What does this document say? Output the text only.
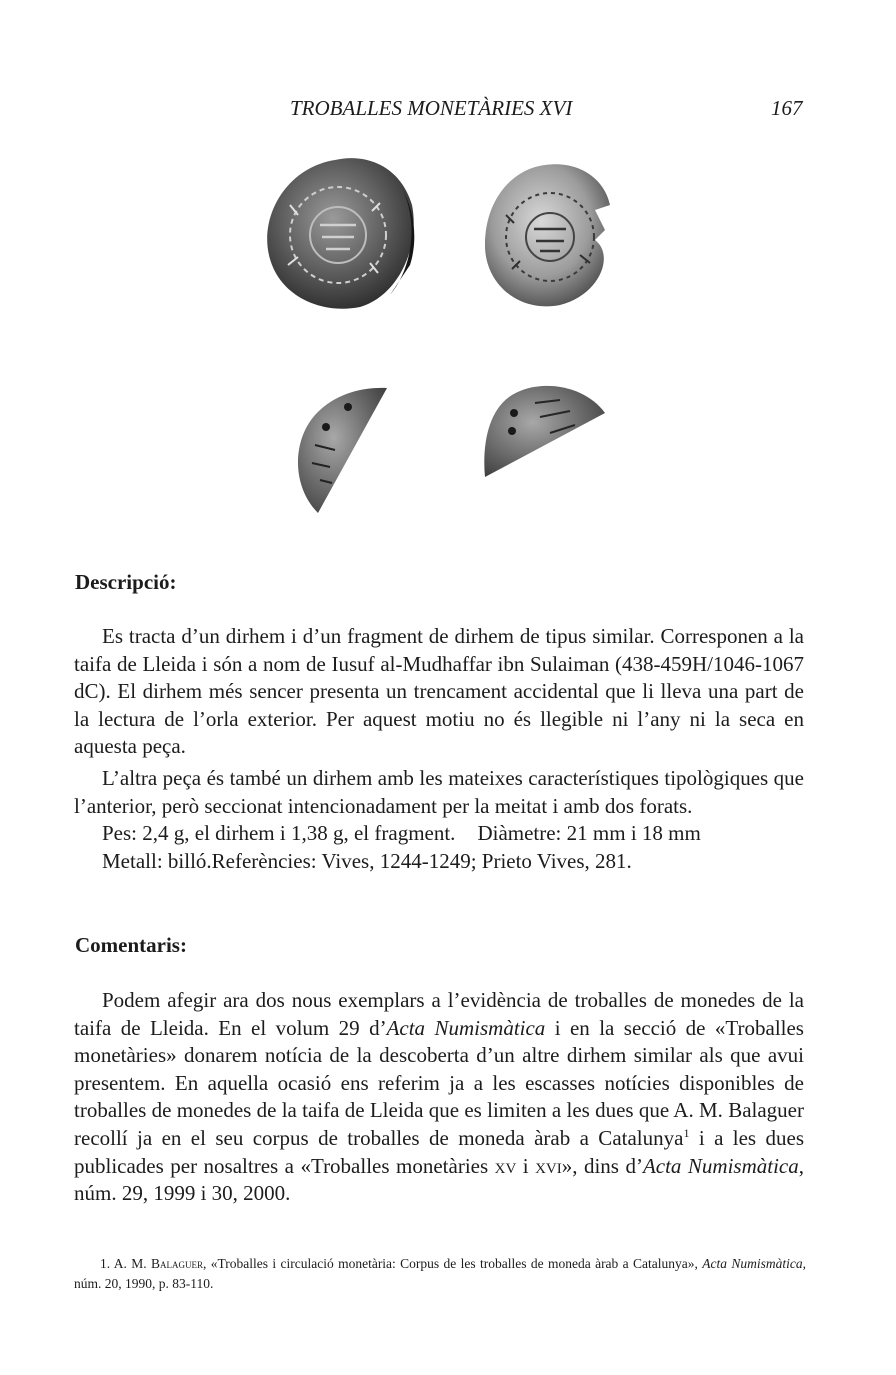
TROBALLES MONETÀRIES XVI	167
Descripció:

Es tracta d’un dirhem i d’un fragment de dirhem de tipus similar. Corresponen a la taifa de Lleida i són a nom de Iusuf al-Mudhaffar ibn Sulaiman (438-459H/1046-1067 dC). El dirhem més sencer presenta un trencament accidental que li lleva una part de la lectura de l’orla exterior. Per aquest motiu no és llegible ni l’any ni la seca en aquesta peça.

L’altra peça és també un dirhem amb les mateixes característiques tipològiques que l’anterior, però seccionat intencionadament per la meitat i amb dos forats.

Pes: 2,4 g, el dirhem i 1,38 g, el fragment. Diàmetre: 21 mm i 18 mm

Metall: billó.Referències: Vives, 1244-1249; Prieto Vives, 281.

Comentaris:

Podem afegir ara dos nous exemplars a l’evidència de troballes de monedes de la taifa de Lleida. En el volum 29 d’Acta Numismàtica i en la secció de «Troballes monetàries» donarem notícia de la descoberta d’un altre dirhem similar als que avui presentem. En aquella ocasió ens referim ja a les escasses notícies disponibles de troballes de monedes de la taifa de Lleida que es limiten a les dues que A. M. Balaguer recollí ja en el seu corpus de troballes de moneda àrab a Catalunya$^1$ i a les dues publicades per nosaltres a «Troballes monetàries xv i xvi», dins d’Acta Numismàtica, núm. 29, 1999 i 30, 2000.

1. A. M. Balaguer, «Troballes i circulació monetària: Corpus de les troballes de moneda àrab a Catalunya», Acta Numismàtica, núm. 20, 1990, p. 83-110.
